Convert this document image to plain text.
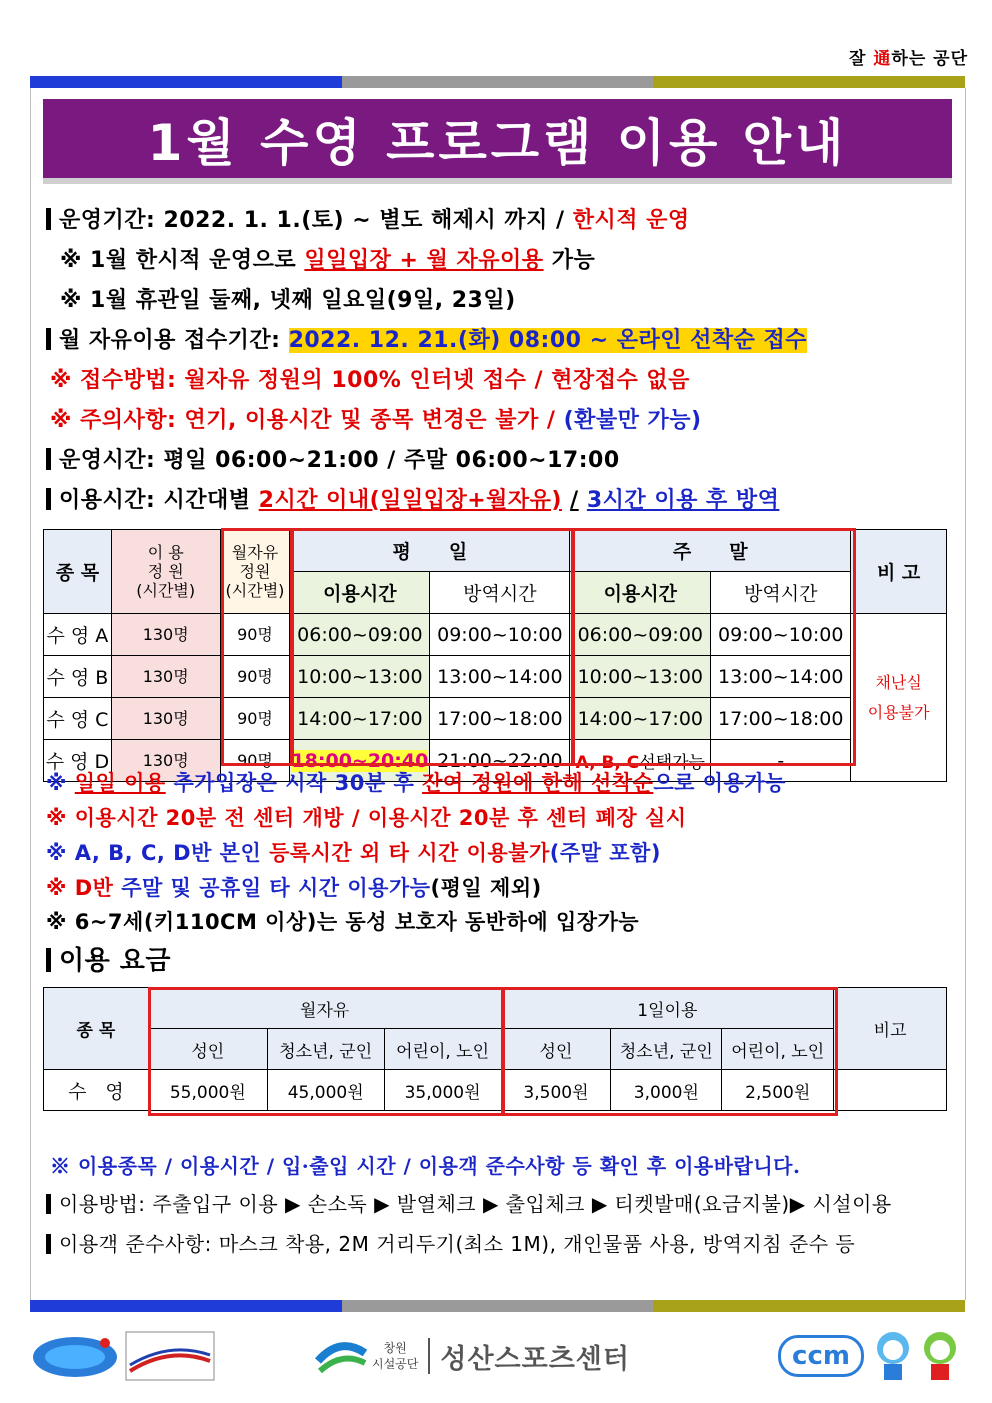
잘 通하는 공단
1월 수영 프로그램 이용 안내
운영기간: 2022. 1. 1.(토) ~ 별도 해제시 까지 / 한시적 운영
※ 1월 한시적 운영으로 일일입장 + 월 자유이용 가능
※ 1월 휴관일 둘째, 넷째 일요일(9일, 23일)
월 자유이용 접수기간: 2022. 12. 21.(화) 08:00 ~ 온라인 선착순 접수
※ 접수방법: 월자유 정원의 100% 인터넷 접수 / 현장접수 없음
※ 주의사항: 연기, 이용시간 및 종목 변경은 불가 / (환불만 가능)
운영시간: 평일 06:00~21:00 / 주말 06:00~17:00
이용시간: 시간대별 2시간 이내(일일입장+월자유) / 3시간 이용 후 방역
종 목	이 용
정 원
(시간별)	월자유
정원
(시간별)	평　　일		주　　말		비 고
			이용시간	방역시간	이용시간	방역시간	
수 영 A	130명	90명	06:00~09:00	09:00~10:00	06:00~09:00	09:00~10:00	채난실
이용불가
수 영 B	130명	90명	10:00~13:00	13:00~14:00	10:00~13:00	13:00~14:00	
수 영 C	130명	90명	14:00~17:00	17:00~18:00	14:00~17:00	17:00~18:00	
수 영 D	130명	90명	18:00~20:40	21:00~22:00	A, B, C선택가능	-	
※ 일일 이용 추가입장은 시작 30분 후 잔여 정원에 한해 선착순으로 이용가능
※ 이용시간 20분 전 센터 개방 / 이용시간 20분 후 센터 폐장 실시
※ A, B, C, D반 본인 등록시간 외 타 시간 이용불가(주말 포함)
※ D반 주말 및 공휴일 타 시간 이용가능(평일 제외)
※ 6~7세(키110CM 이상)는 동성 보호자 동반하에 입장가능
이용 요금
종 목	월자유			1일이용			비고
	성인	청소년, 군인	어린이, 노인	성인	청소년, 군인	어린이, 노인	
수　영	55,000원	45,000원	35,000원	3,500원	3,000원	2,500원	
※ 이용종목 / 이용시간 / 입·출입 시간 / 이용객 준수사항 등 확인 후 이용바랍니다.
이용방법: 주출입구 이용 ▶ 손소독 ▶ 발열체크 ▶ 출입체크 ▶ 티켓발매(요금지불)▶ 시설이용
이용객 준수사항: 마스크 착용, 2M 거리두기(최소 1M), 개인물품 사용, 방역지침 준수 등
창원
시설공단 성산스포츠센터	ccm
